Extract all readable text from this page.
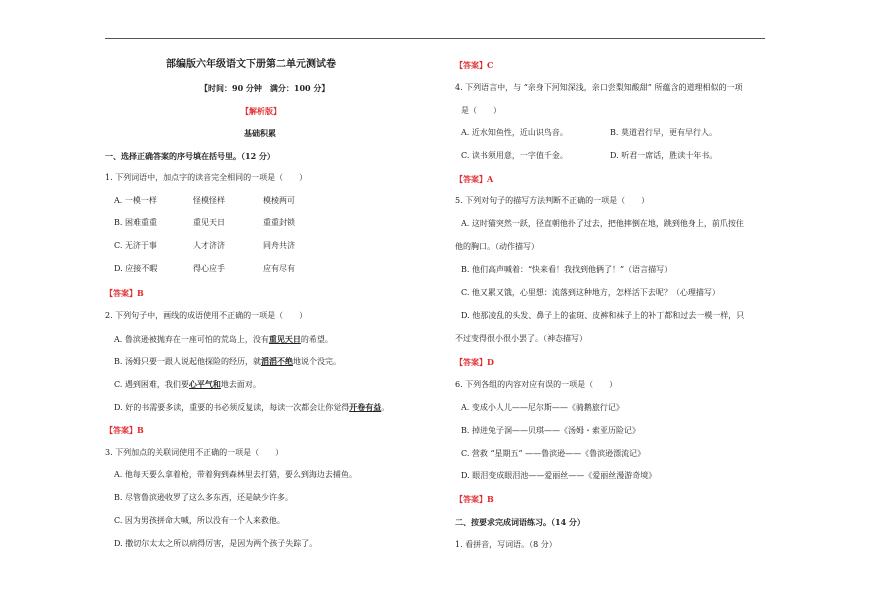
部编版六年级语文下册第二单元测试卷
【时间：90 分钟　满分：100 分】
【解析版】
基础积累
一、选择正确答案的序号填在括号里。（12 分）
1. 下列词语中，加点字的读音完全相同的一项是（　　）
A. 一模一样	怪模怪样	模棱两可
B. 困难重重	重见天日	重重封锁
C. 无济于事	人才济济	同舟共济
D. 应接不暇	得心应手	应有尽有
【答案】B
2. 下列句子中，画线的成语使用不正确的一项是（　　）
A. 鲁滨逊被抛弃在一座可怕的荒岛上，没有重见天日的希望。
B. 汤姆只要一跟人说起他探险的经历，就滔滔不绝地说个没完。
C. 遇到困难，我们要心平气和地去面对。
D. 好的书需要多读，重要的书必须反复读，每读一次都会让你觉得开卷有益。
【答案】B
3. 下列加点的关联词使用不正确的一项是（　　）
A. 他每天要么拿着枪，带着狗到森林里去打猎，要么到海边去捕鱼。
B. 尽管鲁滨逊收罗了这么多东西，还是缺少许多。
C. 因为男孩拼命大喊，所以没有一个人来救他。
D. 撒切尔太太之所以病得厉害，是因为两个孩子失踪了。
【答案】C
4. 下列语言中，与 “亲身下河知深浅，亲口尝梨知酸甜” 所蕴含的道理相似的一项
是（　　）
A. 近水知鱼性，近山识鸟音。	B. 莫道君行早，更有早行人。
C. 读书须用意，一字值千金。	D. 听君一席话，胜读十年书。
【答案】A
5. 下列对句子的描写方法判断不正确的一项是（　　）
A. 这时猫突然一跃，径直朝他扑了过去，把他摔倒在地，跳到他身上，前爪按住
他的胸口。（动作描写）
B. 他们高声喊着：“快来看！我找到他俩了！”（语言描写）
C. 他又累又饿，心里想：流落到这种地方，怎样活下去呢？（心理描写）
D. 他那凌乱的头发、鼻子上的雀斑、皮裤和袜子上的补丁都和过去一模一样，只
不过变得很小很小罢了。（神态描写）
【答案】D
6. 下列各组的内容对应有误的一项是（　　）
A. 变成小人儿——尼尔斯——《骑鹅旅行记》
B. 掉进兔子洞——贝琪——《汤姆・索亚历险记》
C. 营救 “星期五” ——鲁滨逊——《鲁滨逊漂流记》
D. 眼泪变成眼泪池——爱丽丝——《爱丽丝漫游奇境》
【答案】B
二、按要求完成词语练习。（14 分）
1. 看拼音，写词语。（8 分）
